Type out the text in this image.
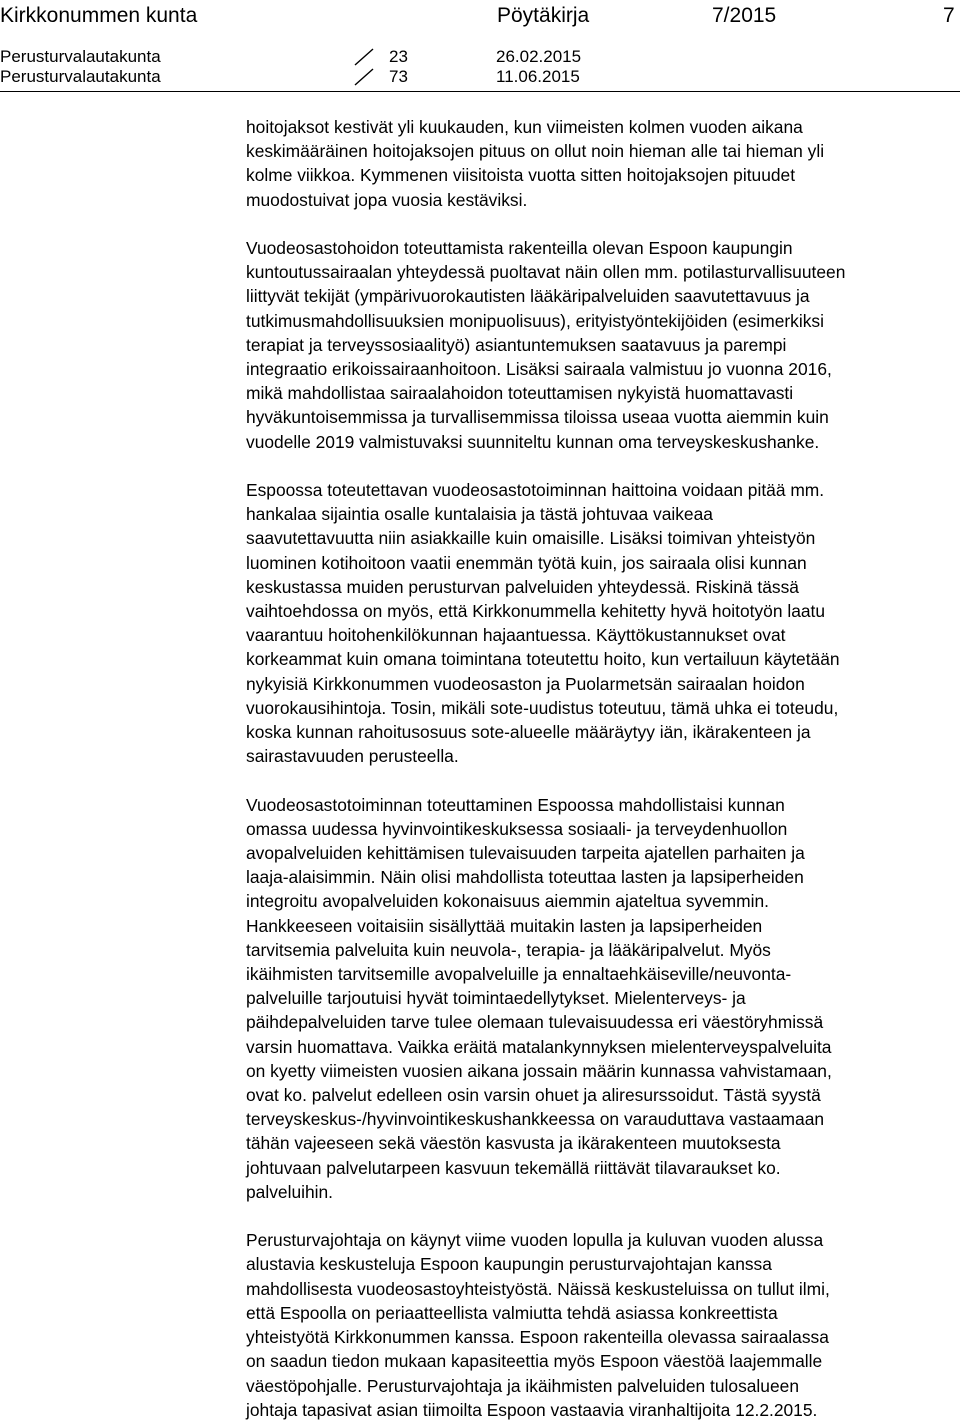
Kirkkonummen kunta	Pöytäkirja	7/2015	7
Perusturvalautakunta	23	26.02.2015
Perusturvalautakunta	73	11.06.2015

hoitojaksot kestivät yli kuukauden, kun viimeisten kolmen vuoden aikana
keskimääräinen hoitojaksojen pituus on ollut noin hieman alle tai hieman yli
kolme viikkoa. Kymmenen viisitoista vuotta sitten hoitojaksojen pituudet
muodostuivat jopa vuosia kestäviksi.

Vuodeosastohoidon toteuttamista rakenteilla olevan Espoon kaupungin
kuntoutussairaalan yhteydessä puoltavat näin ollen mm. potilasturvallisuuteen
liittyvät tekijät (ympärivuorokautisten lääkäripalveluiden saavutettavuus ja
tutkimusmahdollisuuksien monipuolisuus), erityistyöntekijöiden (esimerkiksi
terapiat ja terveyssosiaalityö) asiantuntemuksen saatavuus ja parempi
integraatio erikoissairaanhoitoon. Lisäksi sairaala valmistuu jo vuonna 2016,
mikä mahdollistaa sairaalahoidon toteuttamisen nykyistä huomattavasti
hyväkuntoisemmissa ja turvallisemmissa tiloissa useaa vuotta aiemmin kuin
vuodelle 2019 valmistuvaksi suunniteltu kunnan oma terveyskeskushanke.

Espoossa toteutettavan vuodeosastotoiminnan haittoina voidaan pitää mm.
hankalaa sijaintia osalle kuntalaisia ja tästä johtuvaa vaikeaa
saavutettavuutta niin asiakkaille kuin omaisille. Lisäksi toimivan yhteistyön
luominen kotihoitoon vaatii enemmän työtä kuin, jos sairaala olisi kunnan
keskustassa muiden perusturvan palveluiden yhteydessä. Riskinä tässä
vaihtoehdossa on myös, että Kirkkonummella kehitetty hyvä hoitotyön laatu
vaarantuu hoitohenkilökunnan hajaantuessa. Käyttökustannukset ovat
korkeammat kuin omana toimintana toteutettu hoito, kun vertailuun käytetään
nykyisiä Kirkkonummen vuodeosaston ja Puolarmetsän sairaalan hoidon
vuorokausihintoja. Tosin, mikäli sote-uudistus toteutuu, tämä uhka ei toteudu,
koska kunnan rahoitusosuus sote-alueelle määräytyy iän, ikärakenteen ja
sairastavuuden perusteella.

Vuodeosastotoiminnan toteuttaminen Espoossa mahdollistaisi kunnan
omassa uudessa hyvinvointikeskuksessa sosiaali- ja terveydenhuollon
avopalveluiden kehittämisen tulevaisuuden tarpeita ajatellen parhaiten ja
laaja-alaisimmin. Näin olisi mahdollista toteuttaa lasten ja lapsiperheiden
integroitu avopalveluiden kokonaisuus aiemmin ajateltua syvemmin.
Hankkeeseen voitaisiin sisällyttää muitakin lasten ja lapsiperheiden
tarvitsemia palveluita kuin neuvola-, terapia- ja lääkäripalvelut. Myös
ikäihmisten tarvitsemille avopalveluille ja ennaltaehkäiseville/neuvonta-
palveluille tarjoutuisi hyvät toimintaedellytykset. Mielenterveys- ja
päihdepalveluiden tarve tulee olemaan tulevaisuudessa eri väestöryhmissä
varsin huomattava. Vaikka eräitä matalankynnyksen mielenterveyspalveluita
on kyetty viimeisten vuosien aikana jossain määrin kunnassa vahvistamaan,
ovat ko. palvelut edelleen osin varsin ohuet ja aliresurssoidut. Tästä syystä
terveyskeskus-/hyvinvointikeskushankkeessa on varauduttava vastaamaan
tähän vajeeseen sekä väestön kasvusta ja ikärakenteen muutoksesta
johtuvaan palvelutarpeen kasvuun tekemällä riittävät tilavaraukset ko.
palveluihin.

Perusturvajohtaja on käynyt viime vuoden lopulla ja kuluvan vuoden alussa
alustavia keskusteluja Espoon kaupungin perusturvajohtajan kanssa
mahdollisesta vuodeosastoyhteistyöstä. Näissä keskusteluissa on tullut ilmi,
että Espoolla on periaatteellista valmiutta tehdä asiassa konkreettista
yhteistyötä Kirkkonummen kanssa. Espoon rakenteilla olevassa sairaalassa
on saadun tiedon mukaan kapasiteettia myös Espoon väestöä laajemmalle
väestöpohjalle. Perusturvajohtaja ja ikäihmisten palveluiden tulosalueen
johtaja tapasivat asian tiimoilta Espoon vastaavia viranhaltijoita 12.2.2015.
